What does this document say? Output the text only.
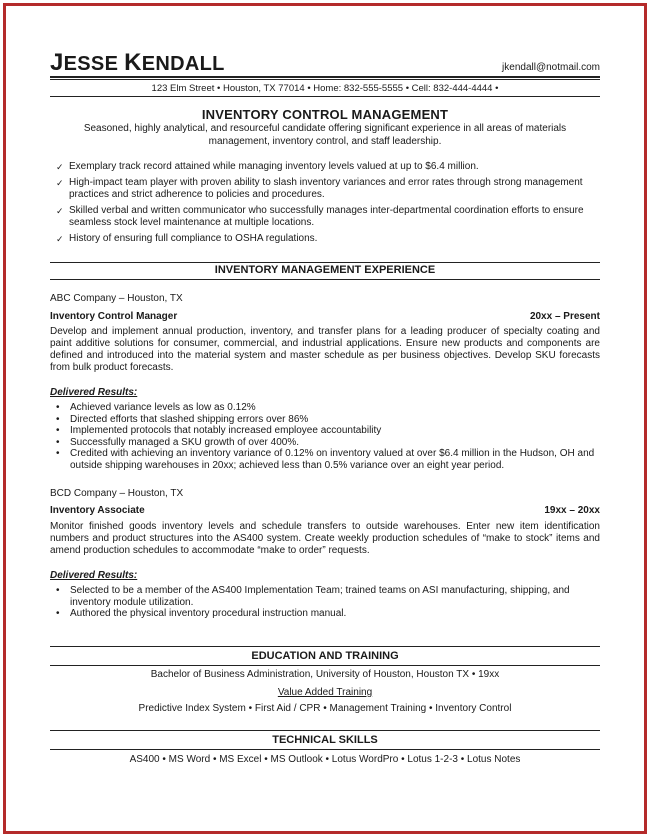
JESSE KENDALL	jkendall@notmail.com
123 Elm Street • Houston, TX 77014 • Home: 832-555-5555 • Cell: 832-444-4444 •
INVENTORY CONTROL MANAGEMENT
Seasoned, highly analytical, and resourceful candidate offering significant experience in all areas of materials management, inventory control, and staff leadership.
✓ Exemplary track record attained while managing inventory levels valued at up to $6.4 million.
✓ High-impact team player with proven ability to slash inventory variances and error rates through strong management practices and strict adherence to policies and procedures.
✓ Skilled verbal and written communicator who successfully manages inter-departmental coordination efforts to ensure seamless stock level maintenance at multiple locations.
✓ History of ensuring full compliance to OSHA regulations.
INVENTORY MANAGEMENT EXPERIENCE
ABC Company – Houston, TX
Inventory Control Manager	20xx – Present
Develop and implement annual production, inventory, and transfer plans for a leading producer of specialty coating and paint additive solutions for consumer, commercial, and industrial applications. Ensure new products and components are defined and introduced into the material system and master schedule as per business objectives. Develop SKU forecasts from bulk product forecasts.
Delivered Results:
• Achieved variance levels as low as 0.12%
• Directed efforts that slashed shipping errors over 86%
• Implemented protocols that notably increased employee accountability
• Successfully managed a SKU growth of over 400%.
• Credited with achieving an inventory variance of 0.12% on inventory valued at over $6.4 million in the Hudson, OH and outside shipping warehouses in 20xx; achieved less than 0.5% variance over an eight year period.
BCD Company – Houston, TX
Inventory Associate	19xx – 20xx
Monitor finished goods inventory levels and schedule transfers to outside warehouses. Enter new item identification numbers and product structures into the AS400 system. Create weekly production schedules of “make to stock” items and amend production schedules to accommodate “make to order” requests.
Delivered Results:
• Selected to be a member of the AS400 Implementation Team; trained teams on ASI manufacturing, shipping, and inventory module utilization.
• Authored the physical inventory procedural instruction manual.
EDUCATION AND TRAINING
Bachelor of Business Administration, University of Houston, Houston TX • 19xx
Value Added Training
Predictive Index System • First Aid / CPR • Management Training • Inventory Control
TECHNICAL SKILLS
AS400 • MS Word • MS Excel • MS Outlook • Lotus WordPro • Lotus 1-2-3 • Lotus Notes
